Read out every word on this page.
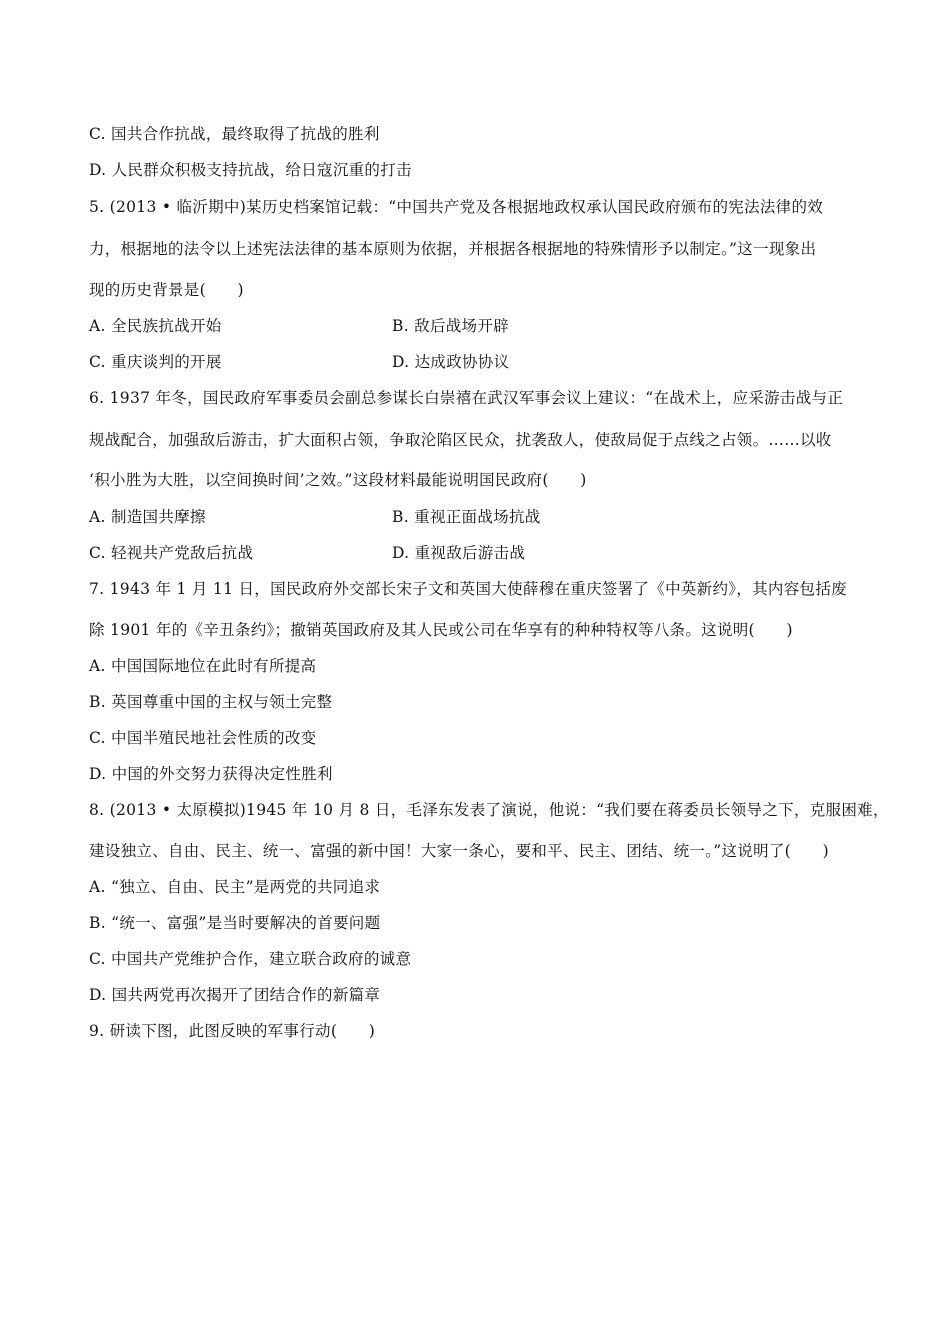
C. 国共合作抗战，最终取得了抗战的胜利
D. 人民群众积极支持抗战，给日寇沉重的打击
5. (2013 • 临沂期中)某历史档案馆记载：“中国共产党及各根据地政权承认国民政府颁布的宪法法律的效
力，根据地的法令以上述宪法法律的基本原则为依据，并根据各根据地的特殊情形予以制定。”这一现象出
现的历史背景是(　　)
A. 全民族抗战开始	B. 敌后战场开辟
C. 重庆谈判的开展	D. 达成政协协议
6. 1937 年冬，国民政府军事委员会副总参谋长白崇禧在武汉军事会议上建议：“在战术上，应采游击战与正
规战配合，加强敌后游击，扩大面积占领，争取沦陷区民众，扰袭敌人，使敌局促于点线之占领。……以收
‘积小胜为大胜，以空间换时间’之效。”这段材料最能说明国民政府(　　)
A. 制造国共摩擦	B. 重视正面战场抗战
C. 轻视共产党敌后抗战	D. 重视敌后游击战
7. 1943 年 1 月 11 日，国民政府外交部长宋子文和英国大使薛穆在重庆签署了《中英新约》，其内容包括废
除 1901 年的《辛丑条约》；撤销英国政府及其人民或公司在华享有的种种特权等八条。这说明(　　)
A. 中国国际地位在此时有所提高
B. 英国尊重中国的主权与领土完整
C. 中国半殖民地社会性质的改变
D. 中国的外交努力获得决定性胜利
8. (2013 • 太原模拟)1945 年 10 月 8 日，毛泽东发表了演说，他说：“我们要在蒋委员长领导之下，克服困难，
建设独立、自由、民主、统一、富强的新中国！大家一条心，要和平、民主、团结、统一。”这说明了(　　)
A. “独立、自由、民主”是两党的共同追求
B. “统一、富强”是当时要解决的首要问题
C. 中国共产党维护合作，建立联合政府的诚意
D. 国共两党再次揭开了团结合作的新篇章
9. 研读下图，此图反映的军事行动(　　)
